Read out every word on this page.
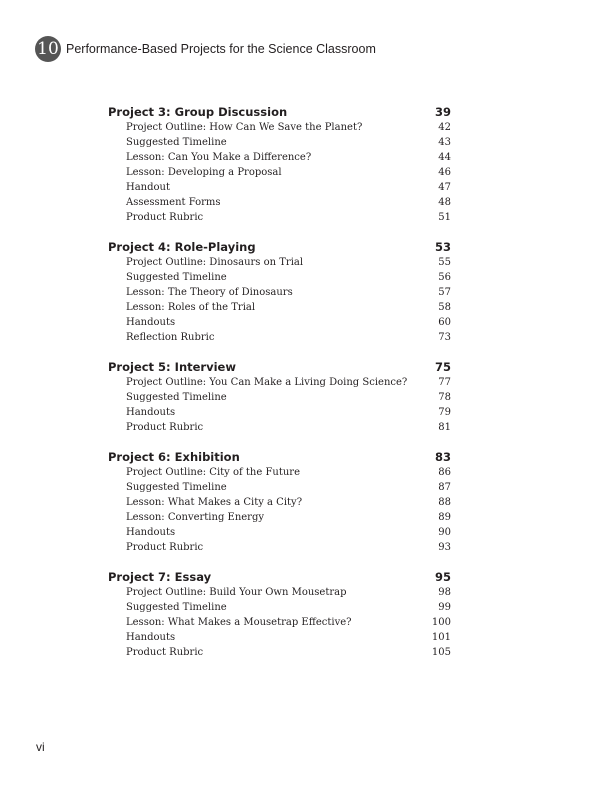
10 Performance-Based Projects for the Science Classroom
Project 3: Group Discussion	39
Project Outline: How Can We Save the Planet?	42
Suggested Timeline	43
Lesson: Can You Make a Difference?	44
Lesson: Developing a Proposal	46
Handout	47
Assessment Forms	48
Product Rubric	51
Project 4: Role-Playing	53
Project Outline: Dinosaurs on Trial	55
Suggested Timeline	56
Lesson: The Theory of Dinosaurs	57
Lesson: Roles of the Trial	58
Handouts	60
Reflection Rubric	73
Project 5: Interview	75
Project Outline: You Can Make a Living Doing Science?	77
Suggested Timeline	78
Handouts	79
Product Rubric	81
Project 6: Exhibition	83
Project Outline: City of the Future	86
Suggested Timeline	87
Lesson: What Makes a City a City?	88
Lesson: Converting Energy	89
Handouts	90
Product Rubric	93
Project 7: Essay	95
Project Outline: Build Your Own Mousetrap	98
Suggested Timeline	99
Lesson: What Makes a Mousetrap Effective?	100
Handouts	101
Product Rubric	105
vi
